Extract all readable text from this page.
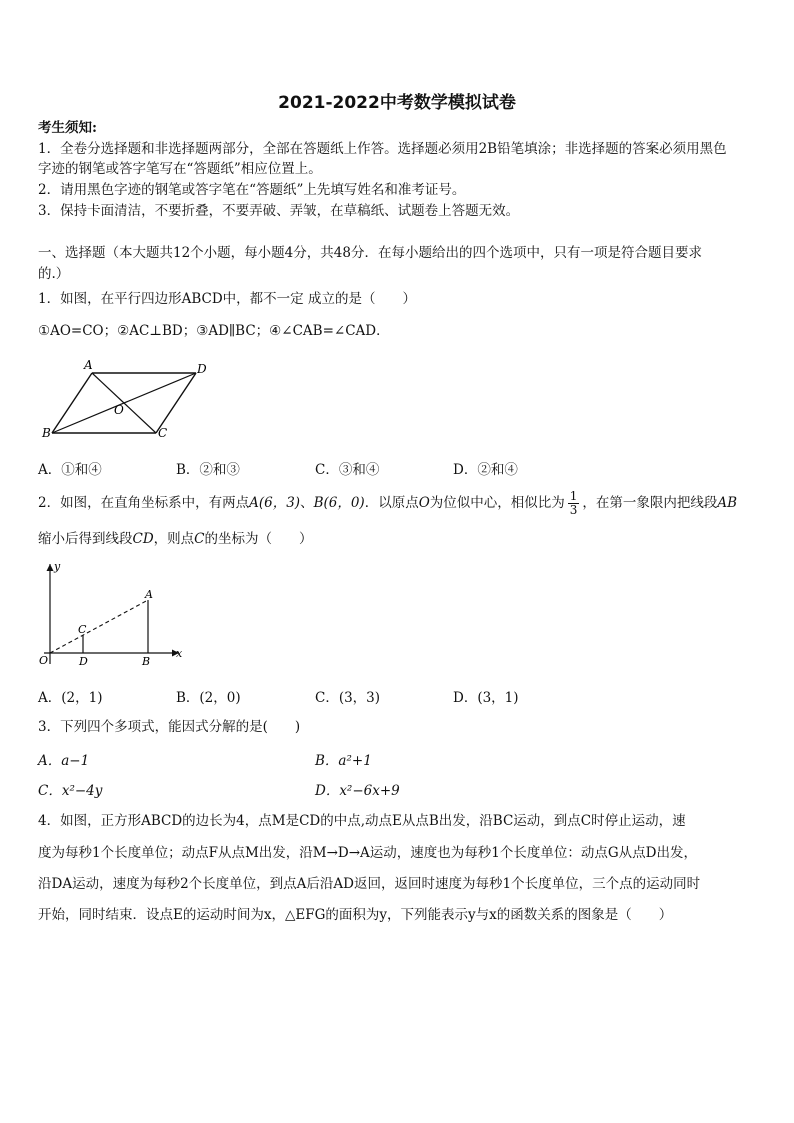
2021-2022中考数学模拟试卷
考生须知:
1．全卷分选择题和非选择题两部分，全部在答题纸上作答。选择题必须用2B铅笔填涂；非选择题的答案必须用黑色
字迹的钢笔或答字笔写在“答题纸”相应位置上。
2．请用黑色字迹的钢笔或答字笔在“答题纸”上先填写姓名和准考证号。
3．保持卡面清洁，不要折叠，不要弄破、弄皱，在草稿纸、试题卷上答题无效。
一、选择题（本大题共12个小题，每小题4分，共48分．在每小题给出的四个选项中，只有一项是符合题目要求
的.）
1．如图，在平行四边形ABCD中，都不一定 成立的是（　　）
①AO=CO；②AC⊥BD；③AD∥BC；④∠CAB=∠CAD．
A	D
B	C
O
A．①和④	B．②和③	C．③和④	D．②和④
2．如图，在直角坐标系中，有两点A(6，3)、B(6，0)．以原点O为位似中心，相似比为 $\frac{1}{3}$ ，在第一象限内把线段AB
缩小后得到线段CD，则点C的坐标为（　　）
y
x
O	D	B
C
A
A．(2，1)	B．(2，0)	C．(3，3)	D．(3，1)
3．下列四个多项式，能因式分解的是(　　)
A．a−1	B．a²+1
C．x²−4y	D．x²−6x+9
4．如图，正方形ABCD的边长为4，点M是CD的中点,动点E从点B出发，沿BC运动，到点C时停止运动，速
度为每秒1个长度单位；动点F从点M出发，沿M→D→A运动，速度也为每秒1个长度单位：动点G从点D出发，
沿DA运动，速度为每秒2个长度单位，到点A后沿AD返回，返回时速度为每秒1个长度单位，三个点的运动同时
开始，同时结束．设点E的运动时间为x，△EFG的面积为y，下列能表示y与x的函数关系的图象是（　　）
